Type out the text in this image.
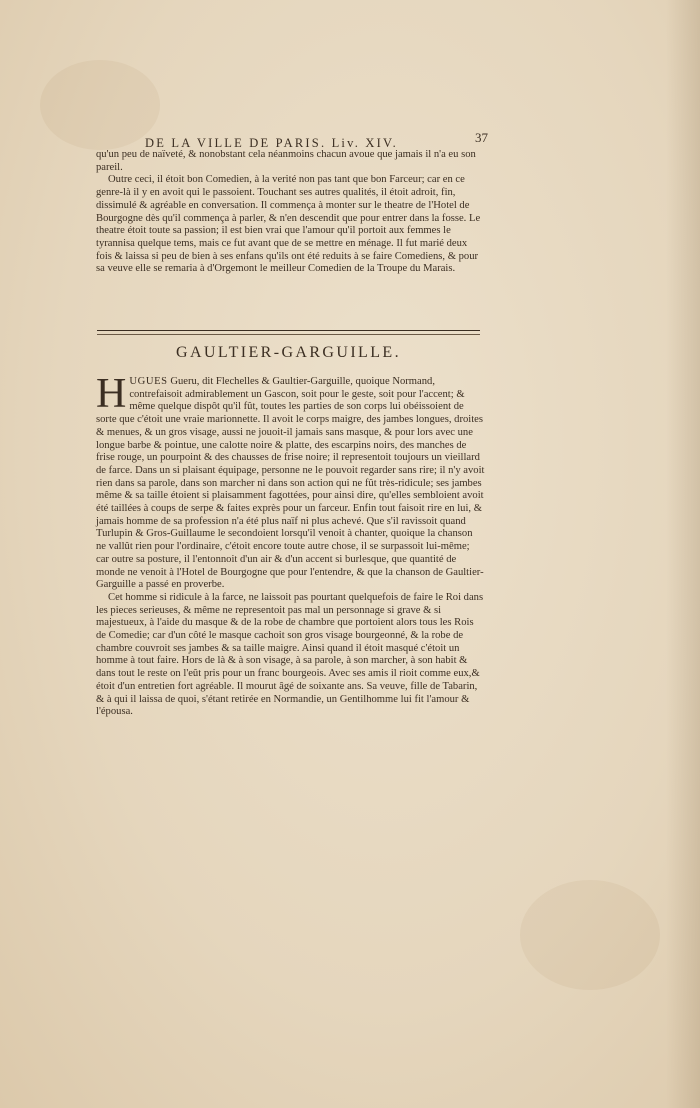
DE LA VILLE DE PARIS. Liv. XIV.	37

qu'un peu de naïveté, & nonobstant cela néanmoins chacun avoue que jamais il n'a eu son pareil.

Outre ceci, il étoit bon Comedien, à la verité non pas tant que bon Farceur; car en ce genre-là il y en avoit qui le passoient. Touchant ses autres qualités, il étoit adroit, fin, dissimulé & agréable en conversation. Il commença à monter sur le theatre de l'Hotel de Bourgogne dès qu'il commença à parler, & n'en descendit que pour entrer dans la fosse. Le theatre étoit toute sa passion; il est bien vrai que l'amour qu'il portoit aux femmes le tyrannisa quelque tems, mais ce fut avant que de se mettre en ménage. Il fut marié deux fois & laissa si peu de bien à ses enfans qu'ils ont été reduits à se faire Comediens, & pour sa veuve elle se remaria à d'Orgemont le meilleur Comedien de la Troupe du Marais.

GAULTIER-GARGUILLE.

HUGUES Gueru, dit Flechelles & Gaultier-Garguille, quoique Normand, contrefaisoit admirablement un Gascon, soit pour le geste, soit pour l'accent; & même quelque dispôt qu'il fût, toutes les parties de son corps lui obéissoient de sorte que c'étoit une vraie marionnette. Il avoit le corps maigre, des jambes longues, droites & menues, & un gros visage, aussi ne jouoit-il jamais sans masque, & pour lors avec une longue barbe & pointue, une calotte noire & platte, des escarpins noirs, des manches de frise rouge, un pourpoint & des chausses de frise noire; il representoit toujours un vieillard de farce. Dans un si plaisant équipage, personne ne le pouvoit regarder sans rire; il n'y avoit rien dans sa parole, dans son marcher ni dans son action qui ne fût très-ridicule; ses jambes même & sa taille étoient si plaisamment fagottées, pour ainsi dire, qu'elles sembloient avoit été taillées à coups de serpe & faites exprès pour un farceur. Enfin tout faisoit rire en lui, & jamais homme de sa profession n'a été plus naïf ni plus achevé. Que s'il ravissoit quand Turlupin & Gros-Guillaume le secondoient lorsqu'il venoit à chanter, quoique la chanson ne vallût rien pour l'ordinaire, c'étoit encore toute autre chose, il se surpassoit lui-même; car outre sa posture, il l'entonnoit d'un air & d'un accent si burlesque, que quantité de monde ne venoit à l'Hotel de Bourgogne que pour l'entendre, & que la chanson de Gaultier-Garguille a passé en proverbe.

Cet homme si ridicule à la farce, ne laissoit pas pourtant quelquefois de faire le Roi dans les pieces serieuses, & même ne representoit pas mal un personnage si grave & si majestueux, à l'aide du masque & de la robe de chambre que portoient alors tous les Rois de Comedie; car d'un côté le masque cachoit son gros visage bourgeonné, & la robe de chambre couvroit ses jambes & sa taille maigre. Ainsi quand il étoit masqué c'étoit un homme à tout faire. Hors de là & à son visage, à sa parole, à son marcher, à son habit & dans tout le reste on l'eût pris pour un franc bourgeois. Avec ses amis il rioit comme eux,& étoit d'un entretien fort agréable. Il mourut âgé de soixante ans. Sa veuve, fille de Tabarin, & à qui il laissa de quoi, s'étant retirée en Normandie, un Gentilhomme lui fit l'amour & l'épousa.
